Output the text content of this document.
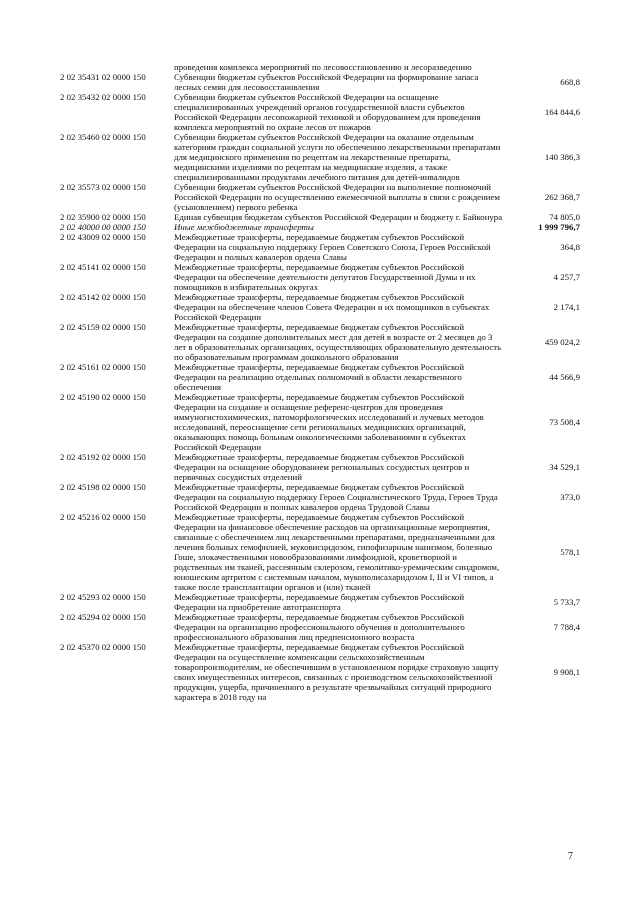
	проведения комплекса мероприятий по лесовосстановлению и лесоразведению	
2 02 35431 02 0000 150	Субвенции бюджетам субъектов Российской Федерации на формирование запаса лесных семян для лесовосстановления	668,8
2 02 35432 02 0000 150	Субвенции бюджетам субъектов Российской Федерации на оснащение специализированных учреждений органов государственной власти субъектов Российской Федерации лесопожарной техникой и оборудованием для проведения комплекса мероприятий по охране лесов от пожаров	164 844,6
2 02 35460 02 0000 150	Субвенции бюджетам субъектов Российской Федерации на оказание отдельным категориям граждан социальной услуги по обеспечению лекарственными препаратами для медицинского применения по рецептам на лекарственные препараты, медицинскими изделиями по рецептам на медицинские изделия, а также специализированными продуктами лечебного питания для детей-инвалидов	140 386,3
2 02 35573 02 0000 150	Субвенции бюджетам субъектов Российской Федерации на выполнение полномочий Российской Федерации по осуществлению ежемесячной выплаты в связи с рождением (усыновлением) первого ребенка	262 368,7
2 02 35900 02 0000 150	Единая субвенция бюджетам субъектов Российской Федерации и бюджету г. Байконура	74 805,0
2 02 40000 00 0000 150	Иные межбюджетные трансферты	1 999 796,7
2 02 43009 02 0000 150	Межбюджетные трансферты, передаваемые бюджетам субъектов Российской Федерации на социальную поддержку Героев Советского Союза, Героев Российской Федерации и полных кавалеров ордена Славы	364,8
2 02 45141 02 0000 150	Межбюджетные трансферты, передаваемые бюджетам субъектов Российской Федерации на обеспечение деятельности депутатов Государственной Думы и их помощников в избирательных округах	4 257,7
2 02 45142 02 0000 150	Межбюджетные трансферты, передаваемые бюджетам субъектов Российской Федерации на обеспечение членов Совета Федерации и их помощников в субъектах Российской Федерации	2 174,1
2 02 45159 02 0000 150	Межбюджетные трансферты, передаваемые бюджетам субъектов Российской Федерации на создание дополнительных мест для детей в возрасте от 2 месяцев до 3 лет в образовательных организациях, осуществляющих образовательную деятельность по образовательным программам дошкольного образования	459 024,2
2 02 45161 02 0000 150	Межбюджетные трансферты, передаваемые бюджетам субъектов Российской Федерации на реализацию отдельных полномочий в области лекарственного обеспечения	44 566,9
2 02 45190 02 0000 150	Межбюджетные трансферты, передаваемые бюджетам субъектов Российской Федерации на создание и оснащение референс-центров для проведения иммуногистохимических, патоморфологических исследований и лучевых методов исследований, переоснащение сети региональных медицинских организаций, оказывающих помощь больным онкологическими заболеваниями в субъектах Российской Федерации	73 508,4
2 02 45192 02 0000 150	Межбюджетные трансферты, передаваемые бюджетам субъектов Российской Федерации на оснащение оборудованием региональных сосудистых центров и первичных сосудистых отделений	34 529,1
2 02 45198 02 0000 150	Межбюджетные трансферты, передаваемые бюджетам субъектов Российской Федерации на социальную поддержку Героев Социалистического Труда, Героев Труда Российской Федерации и полных кавалеров ордена Трудовой Славы	373,0
2 02 45216 02 0000 150	Межбюджетные трансферты, передаваемые бюджетам субъектов Российской Федерации на финансовое обеспечение расходов на организационные мероприятия, связанные с обеспечением лиц лекарственными препаратами, предназначенными для лечения больных гемофилией, муковисцидозом, гипофизарным нанизмом, болезнью Гоше, злокачественными новообразованиями лимфоидной, кроветворной и родственных им тканей, рассеянным склерозом, гемолитико-уремическим синдромом, юношеским артритом с системным началом, мукополисахаридозом I, II и VI типов, а также после трансплантации органов и (или) тканей	578,1
2 02 45293 02 0000 150	Межбюджетные трансферты, передаваемые бюджетам субъектов Российской Федерации на приобретение автотранспорта	5 733,7
2 02 45294 02 0000 150	Межбюджетные трансферты, передаваемые бюджетам субъектов Российской Федерации на организацию профессионального обучения и дополнительного профессионального образования лиц предпенсионного возраста	7 788,4
2 02 45370 02 0000 150	Межбюджетные трансферты, передаваемые бюджетам субъектов Российской Федерации на осуществление компенсации сельскохозяйственным товаропроизводителям, не обеспечившим в установленном порядке страховую защиту своих имущественных интересов, связанных с производством сельскохозяйственной продукции, ущерба, причиненного в результате чрезвычайных ситуаций природного характера в 2018 году на	9 908,1
7
